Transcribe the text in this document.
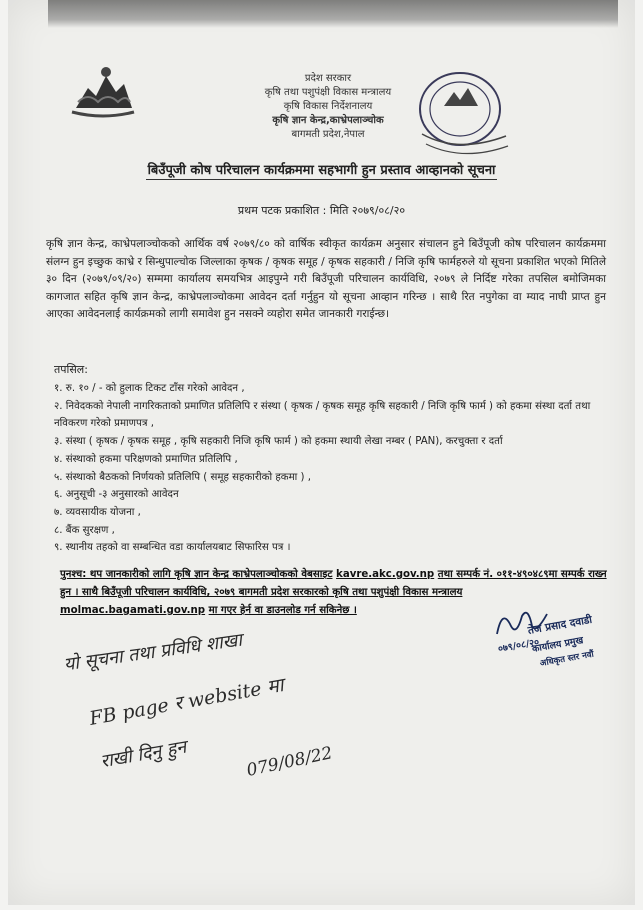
प्रदेश सरकार
कृषि तथा पशुपंक्षी विकास मन्त्रालय
कृषि विकास निर्देशनालय
कृषि ज्ञान केन्द्र,काभ्रेपलाञ्चोक
बागमती प्रदेश,नेपाल
बिउँपूजी कोष परिचालन कार्यक्रममा सहभागी हुन प्रस्ताव आव्हानको सूचना
प्रथम पटक प्रकाशित : मिति २०७९/०८/२०
कृषि ज्ञान केन्द्र, काभ्रेपलाञ्चोकको आर्थिक वर्ष २०७९/८० को वार्षिक स्वीकृत कार्यक्रम अनुसार संचालन हुने बिउँपूजी कोष परिचालन कार्यक्रममा संलग्न हुन इच्छुक काभ्रे र सिन्धुपाल्चोक जिल्लाका कृषक / कृषक समूह / कृषक सहकारी / निजि कृषि फार्महरुले यो सूचना प्रकाशित भएको मितिले ३० दिन (२०७९/०९/२०) सम्ममा कार्यालय समयभित्र आइपुग्ने गरी बिउँपूजी परिचालन कार्यविधि, २०७९ ले निर्दिष्ट गरेका तपसिल बमोजिमका कागजात सहित कृषि ज्ञान केन्द्र, काभ्रेपलाञ्चोकमा आवेदन दर्ता गर्नुहुन यो सूचना आव्हान गरिन्छ । साथै रित नपुगेका वा म्याद नाघी प्राप्त हुन आएका आवेदनलाई कार्यक्रमको लागी समावेश हुन नसक्ने व्यहोरा समेत जानकारी गराईन्छ।
तपसिल:
१. रु. १० / - को हुलाक टिकट टाँस गरेको आवेदन ,
२. निवेदकको नेपाली नागरिकताको प्रमाणित प्रतिलिपि र संस्था ( कृषक / कृषक समूह कृषि सहकारी / निजि कृषि फार्म ) को हकमा संस्था दर्ता तथा नविकरण गरेको प्रमाणपत्र ,
३. संस्था ( कृषक / कृषक समूह , कृषि सहकारी निजि कृषि फार्म ) को हकमा स्थायी लेखा नम्बर ( PAN), करचुक्ता र दर्ता
४. संस्थाको हकमा परिक्षणको प्रमाणित प्रतिलिपि ,
५. संस्थाको बैठकको निर्णयको प्रतिलिपि ( समूह सहकारीको हकमा ) ,
६. अनुसूची -३ अनुसारको आवेदन
७. व्यवसायीक योजना ,
८. बैंक सुरक्षण ,
९. स्थानीय तहको वा सम्बन्धित वडा कार्यालयबाट सिफारिस पत्र ।
पुनश्च: थप जानकारीको लागि कृषि ज्ञान केन्द्र काभ्रेपलाञ्चोकको वेबसाइट kavre.akc.gov.np तथा सम्पर्क नं. ०११-४९०४८९मा सम्पर्क राख्न हुन । साथै बिउँपूजी परिचालन कार्यविधि, २०७९ बागमती प्रदेश सरकारको कृषि तथा पशुपंक्षी विकास मन्त्रालय molmac.bagamati.gov.np मा गएर हेर्न वा डाउनलोड गर्न सकिनेछ ।
०७९/०८/२०
तेज प्रसाद दवाडी
कार्यालय प्रमुख
अधिकृत स्तर नवौं
यो सूचना तथा प्रविधि शाखा
FB page र website मा
राखी दिनु हुन	079/08/22
